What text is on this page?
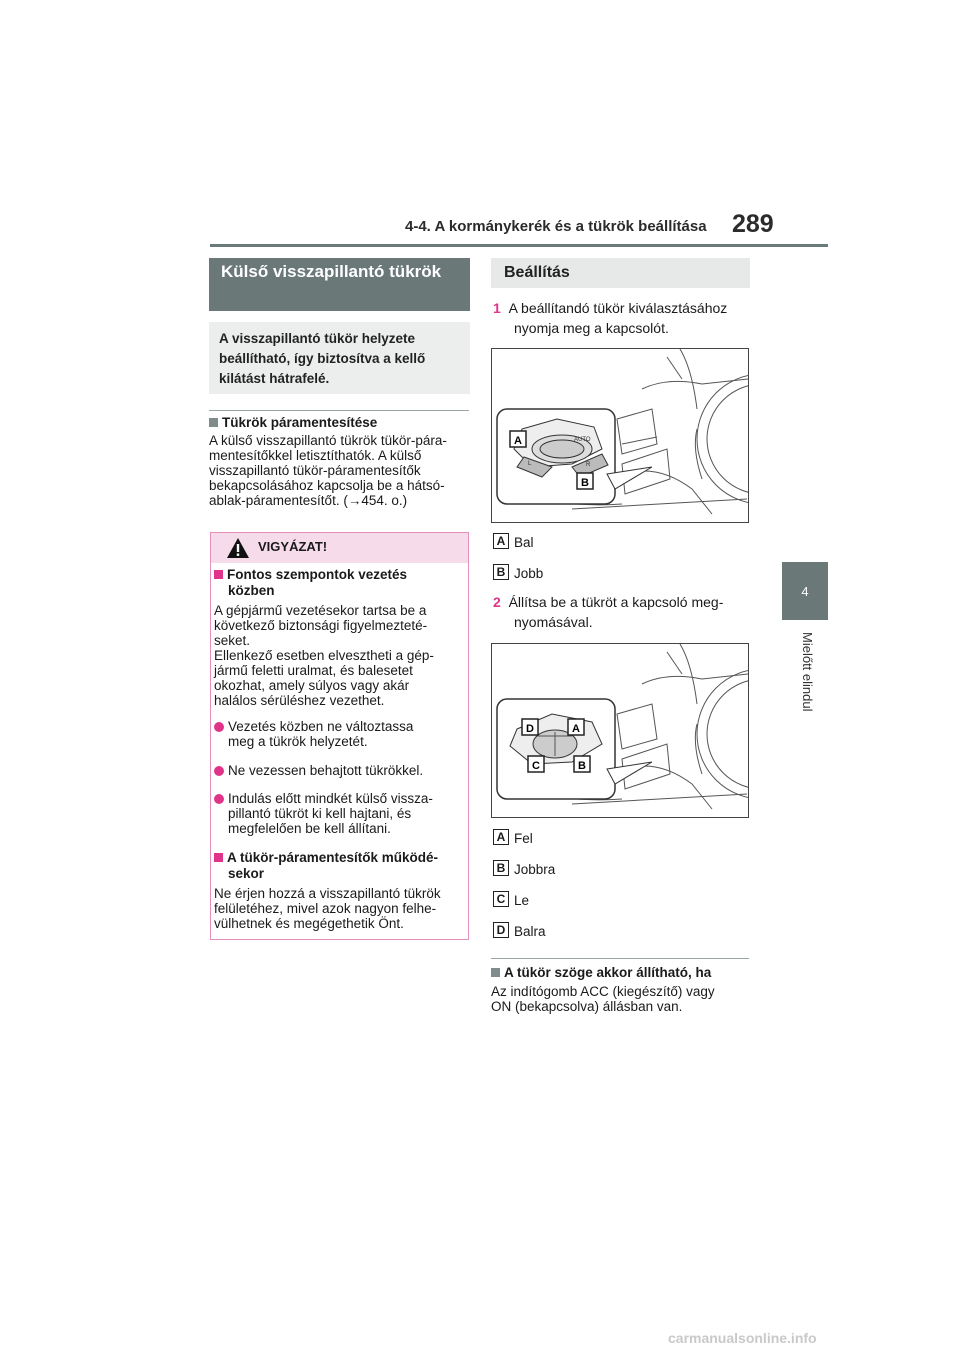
4-4. A kormánykerék és a tükrök beállítása 289
4
Mielőtt elindul
Külső visszapillantó tükrök
A visszapillantó tükör helyzete beállítható, így biztosítva a kellő kilátást hátrafelé.
Tükrök páramentesítése
A külső visszapillantó tükrök tükör-pára-
mentesítőkkel letisztíthatók. A külső
visszapillantó tükör-páramentesítők
bekapcsolásához kapcsolja be a hátsó-
ablak-páramentesítőt. (→454. o.)
VIGYÁZAT!
Fontos szempontok vezetés
közben
A gépjármű vezetésekor tartsa be a
következő biztonsági figyelmezteté-
seket.
Ellenkező esetben elvesztheti a gép-
jármű feletti uralmat, és balesetet
okozhat, amely súlyos vagy akár
halálos sérüléshez vezethet.
Vezetés közben ne változtassa
meg a tükrök helyzetét.
Ne vezessen behajtott tükrökkel.
Indulás előtt mindkét külső vissza-
pillantó tükröt ki kell hajtani, és
megfelelően be kell állítani.
A tükör-páramentesítők működé-
sekor
Ne érjen hozzá a visszapillantó tükrök
felületéhez, mivel azok nagyon felhe-
vülhetnek és megégethetik Önt.
Beállítás
1 A beállítandó tükör kiválasztásához
nyomja meg a kapcsolót.
AUTO
L	R
A
B
A Bal
B Jobb
2 Állítsa be a tükröt a kapcsoló meg-
nyomásával.
D	A
C	B
A Fel
B Jobbra
C Le
D Balra
A tükör szöge akkor állítható, ha
Az indítógomb ACC (kiegészítő) vagy
ON (bekapcsolva) állásban van.
carmanualsonline.info
